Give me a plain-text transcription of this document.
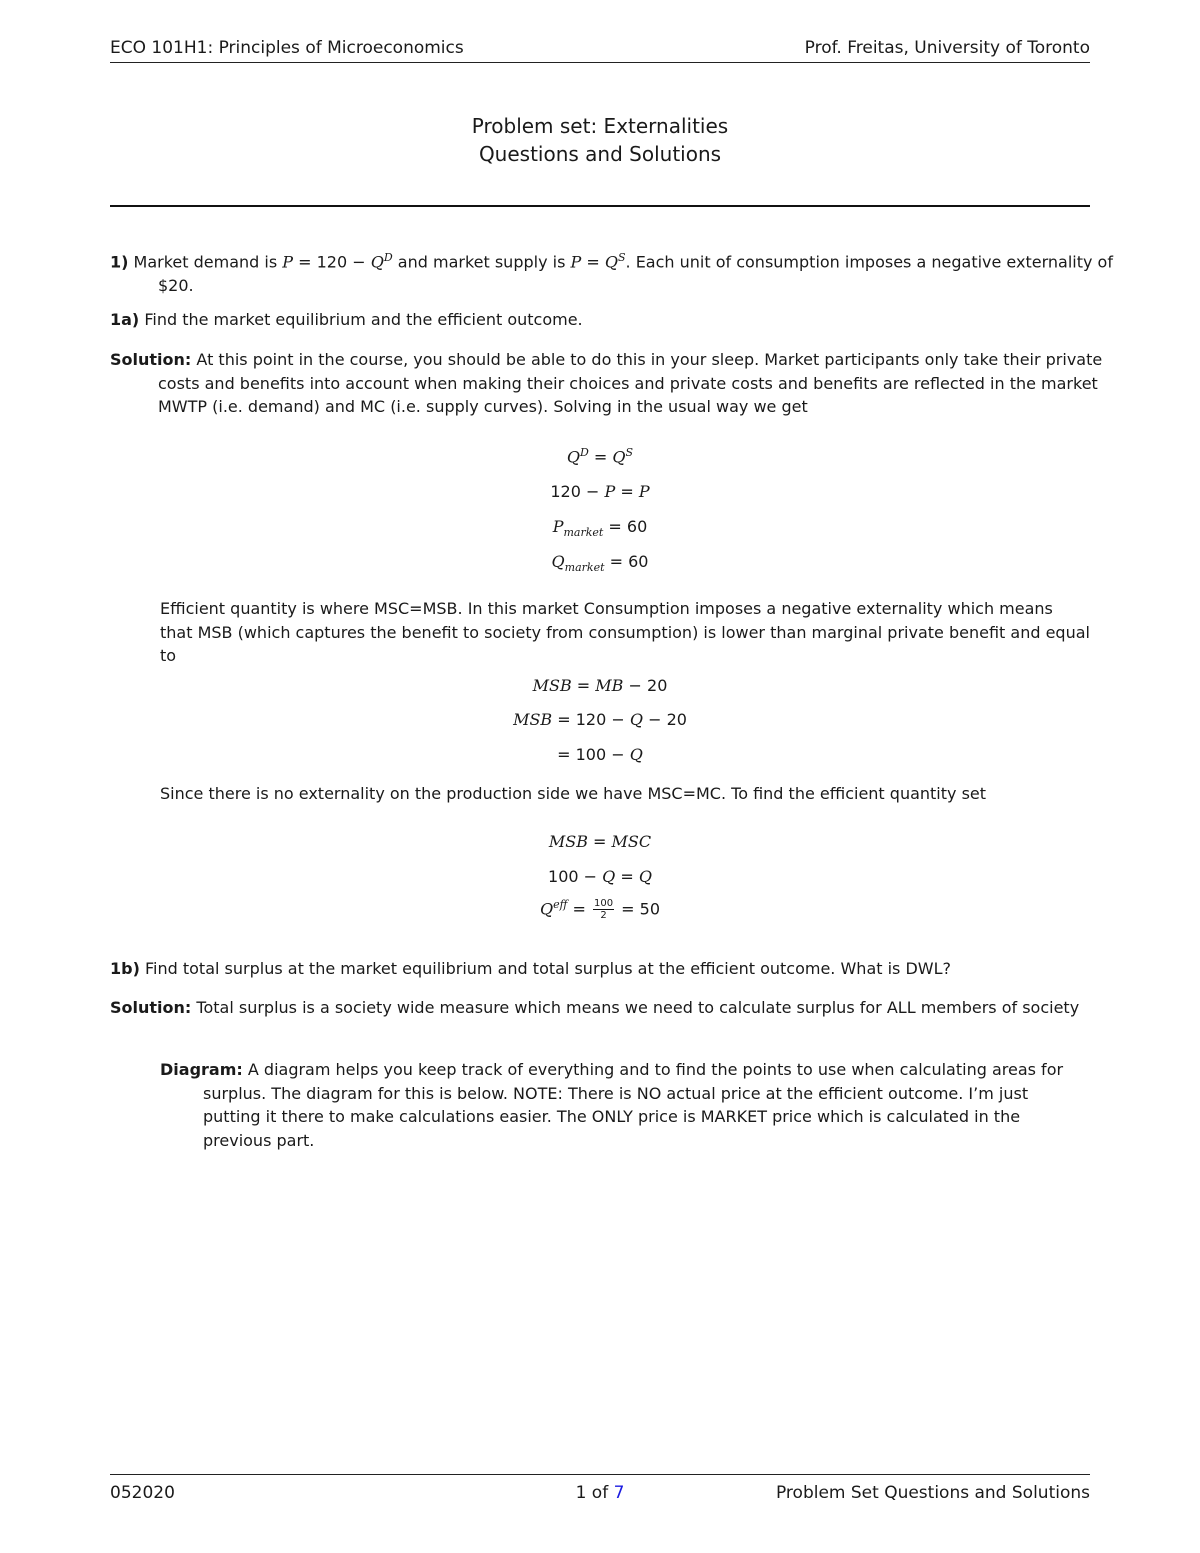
ECO 101H1: Principles of Microeconomics	Prof. Freitas, University of Toronto
Problem set: Externalities
Questions and Solutions
1) Market demand is $P = 120 - Q^D$ and market supply is $P = Q^S$. Each unit of consumption imposes a negative externality of $20.
1a) Find the market equilibrium and the efficient outcome.
Solution: At this point in the course, you should be able to do this in your sleep. Market participants only take their private costs and benefits into account when making their choices and private costs and benefits are reflected in the market MWTP (i.e. demand) and MC (i.e. supply curves). Solving in the usual way we get
$Q^D = Q^S$
120 − P = P
$P_{market} = 60$
$Q_{market} = 60$
Efficient quantity is where MSC=MSB. In this market Consumption imposes a negative externality which means that MSB (which captures the benefit to society from consumption) is lower than marginal private benefit and equal to
MSB = MB − 20
MSB = 120 − Q − 20
= 100 − Q
Since there is no externality on the production side we have MSC=MC. To find the efficient quantity set
MSB = MSC
100 − Q = Q
$Q^{eff} = \frac{100}{2} = 50$
1b) Find total surplus at the market equilibrium and total surplus at the efficient outcome. What is DWL?
Solution: Total surplus is a society wide measure which means we need to calculate surplus for ALL members of society
Diagram: A diagram helps you keep track of everything and to find the points to use when calculating areas for surplus. The diagram for this is below. NOTE: There is NO actual price at the efficient outcome. I’m just putting it there to make calculations easier. The ONLY price is MARKET price which is calculated in the previous part.
052020	1 of 7	Problem Set Questions and Solutions
